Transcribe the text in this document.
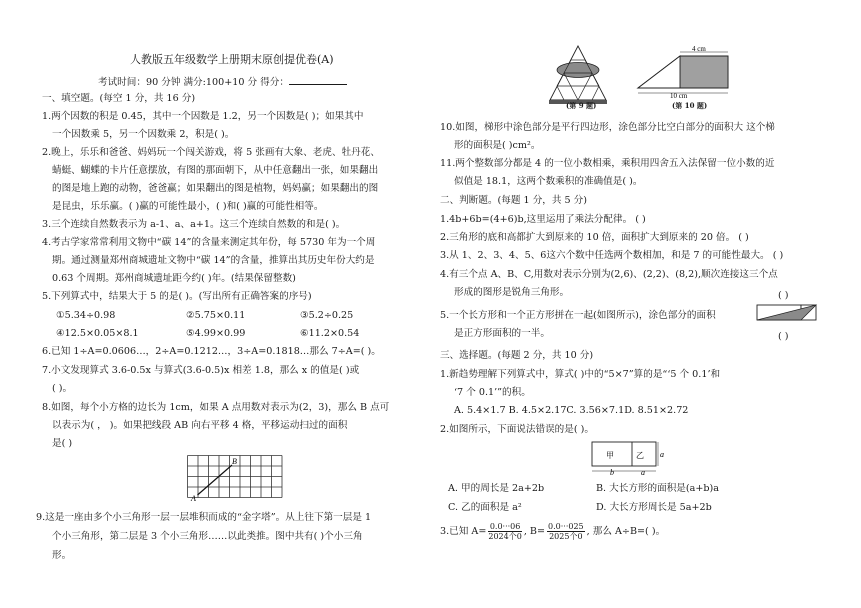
人教版五年级数学上册期末原创提优卷(A)
考试时间：90 分钟 满分:100+10 分 得分：
一、填空题。(每空 1 分，共 16 分)
1.两个因数的积是 0.45，其中一个因数是 1.2，另一个因数是( )；如果其中
一个因数乘 5，另一个因数乘 2，积是( )。
2.晚上，乐乐和爸爸、妈妈玩一个闯关游戏，将 5 张画有大象、老虎、牡丹花、
蜻蜓、蝴蝶的卡片任意摆放，有图的那面朝下，从中任意翻出一张，如果翻出
的图是地上跑的动物，爸爸赢；如果翻出的图是植物，妈妈赢；如果翻出的图
是昆虫，乐乐赢。( )赢的可能性最小，( )和( )赢的可能性相等。
3.三个连续自然数表示为 a-1、a、a+1。这三个连续自然数的和是( )。
4.考古学家常常利用文物中“碳 14”的含量来测定其年份，每 5730 年为一个周
期。通过测量郑州商城遗址文物中“碳 14”的含量，推算出其历史年份大约是
0.63 个周期。郑州商城遗址距今约( )年。(结果保留整数)
5.下列算式中，结果大于 5 的是( )。(写出所有正确答案的序号)
①5.34÷0.98	②5.75×0.11	③5.2÷0.25
④12.5×0.05×8.1	⑤4.99×0.99	⑥11.2×0.54
6.已知 1÷A=0.0606…，2÷A=0.1212…，3÷A=0.1818…那么 7÷A=( )。
7.小文发现算式 3.6-0.5x 与算式(3.6-0.5)x 相差 1.8，那么 x 的值是( )或
( )。
8.如图，每个小方格的边长为 1cm，如果 A 点用数对表示为(2，3)，那么 B 点可
以表示为( ， )。如果把线段 AB 向右平移 4 格，平移运动扫过的面积
是( )
A
B
9.这是一座由多个小三角形一层一层堆积而成的“金字塔”。从上往下第一层是 1
个小三角形，第二层是 3 个小三角形……以此类推。图中共有( )个小三角
形。
(第 9 题)
4 cm
10 cm
(第 10 题)
10.如图，梯形中涂色部分是平行四边形，涂色部分比空白部分的面积大 这个梯
形的面积是( )cm²。
11.两个整数部分都是 4 的一位小数相乘，乘积用四舍五入法保留一位小数的近
似值是 18.1，这两个数乘积的准确值是( )。
二、判断题。(每题 1 分，共 5 分)
1.4b+6b=(4+6)b,这里运用了乘法分配律。 ( )
2.三角形的底和高都扩大到原来的 10 倍，面积扩大到原来的 20 倍。 ( )
3.从 1、2、3、4、5、6这六个数中任选两个数相加，和是 7 的可能性最大。 ( )
4.有三个点 A、B、C,用数对表示分别为(2,6)、(2,2)、(8,2),顺次连接这三个点
形成的图形是锐角三角形。	( )
5.一个长方形和一个正方形拼在一起(如图所示)，涂色部分的面积
是正方形面积的一半。	( )
三、选择题。(每题 2 分，共 10 分)
1.新趋势理解下列算式中，算式( )中的“5×7”算的是“‘5 个 0.1’和
‘7 个 0.1’”的积。
A. 5.4×1.7 B. 4.5×2.17C. 3.56×7.1D. 8.51×2.72
2.如图所示，下面说法错误的是( )。
甲	乙 a
b	a
A. 甲的周长是 2a+2b	B. 大长方形的面积是(a+b)a
C. 乙的面积是 a²	D. 大长方形周长是 5a+2b
3.已知 $A= \frac{0.0\cdot\cdot\cdot 06}{\text{2024个0}}$ , $B= \frac{0.0\cdot\cdot\cdot 025}{\text{2025个0}}$ , 那么 A÷B=( )。
